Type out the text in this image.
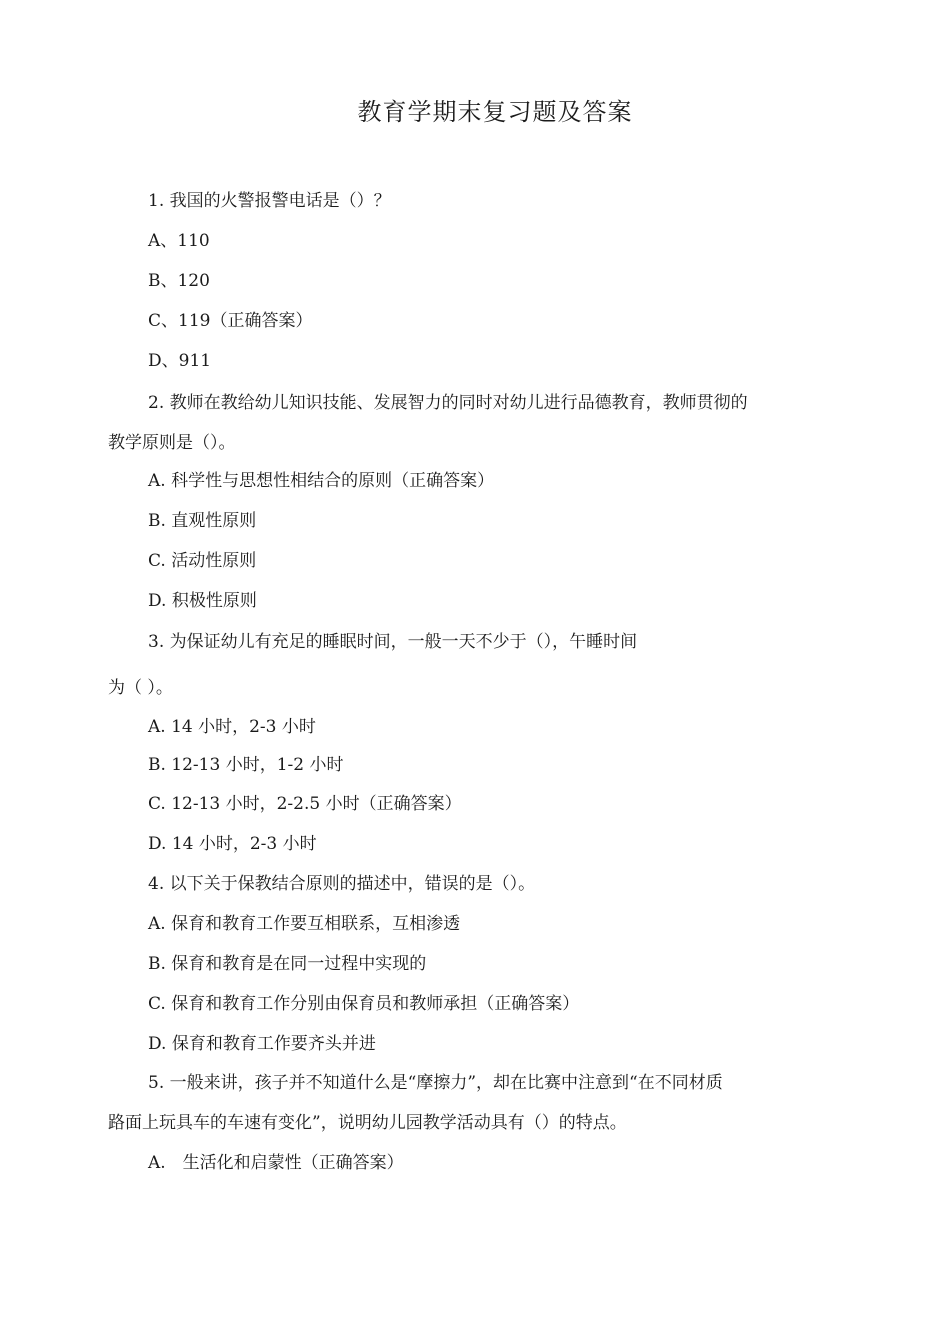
教育学期末复习题及答案
1. 我国的火警报警电话是（）？
A、110
B、120
C、119（正确答案）
D、911
2. 教师在教给幼儿知识技能、发展智力的同时对幼儿进行品德教育，教师贯彻的
教学原则是（）。
A. 科学性与思想性相结合的原则（正确答案）
B. 直观性原则
C. 活动性原则
D. 积极性原则
3. 为保证幼儿有充足的睡眠时间，一般一天不少于（），午睡时间
为（ ）。
A. 14 小时，2-3 小时
B. 12-13 小时，1-2 小时
C. 12-13 小时，2-2.5 小时（正确答案）
D. 14 小时，2-3 小时
4. 以下关于保教结合原则的描述中，错误的是（）。
A. 保育和教育工作要互相联系，互相渗透
B. 保育和教育是在同一过程中实现的
C. 保育和教育工作分别由保育员和教师承担（正确答案）
D. 保育和教育工作要齐头并进
5. 一般来讲，孩子并不知道什么是“摩擦力”，却在比赛中注意到“在不同材质
路面上玩具车的车速有变化”，说明幼儿园教学活动具有（）的特点。
A.　生活化和启蒙性（正确答案）
